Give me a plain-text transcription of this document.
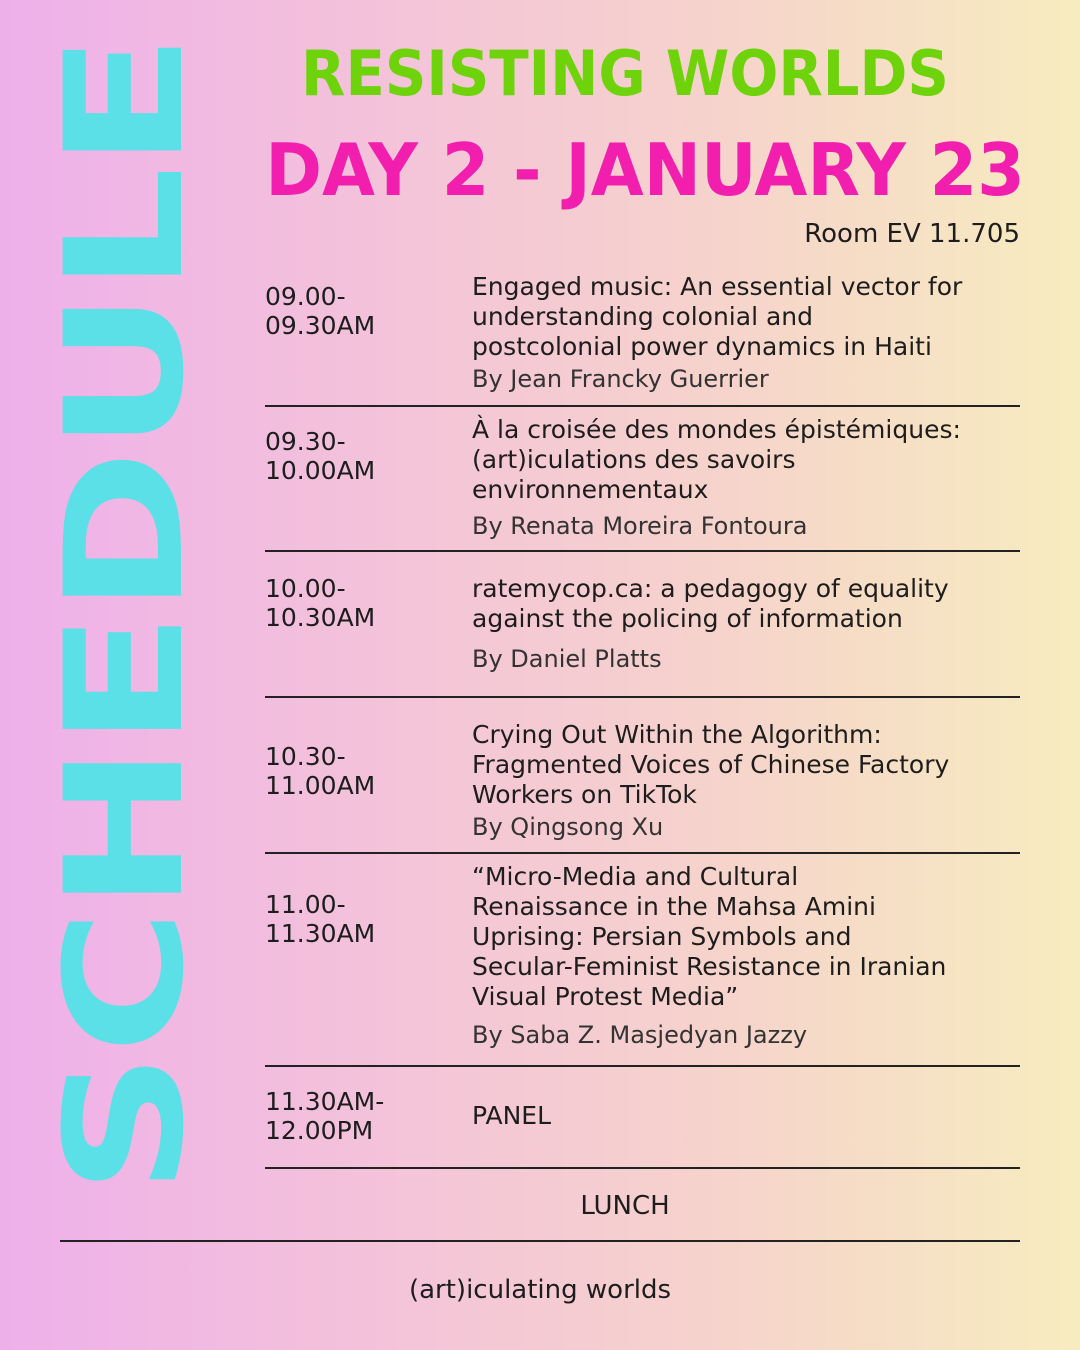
SCHEDULE	RESISTING WORLDS
DAY 2 - JANUARY 23
Room EV 11.705
09.00-
09.30AM
Engaged music: An essential vector for
understanding colonial and
postcolonial power dynamics in Haiti
By Jean Francky Guerrier
09.30-
10.00AM
À la croisée des mondes épistémiques:
(art)iculations des savoirs
environnementaux
By Renata Moreira Fontoura
10.00-
10.30AM
ratemycop.ca: a pedagogy of equality
against the policing of information
By Daniel Platts
10.30-
11.00AM
Crying Out Within the Algorithm:
Fragmented Voices of Chinese Factory
Workers on TikTok
By Qingsong Xu
11.00-
11.30AM
“Micro-Media and Cultural
Renaissance in the Mahsa Amini
Uprising: Persian Symbols and
Secular-Feminist Resistance in Iranian
Visual Protest Media”
By Saba Z. Masjedyan Jazzy
11.30AM-
12.00PM
PANEL
LUNCH
(art)iculating worlds
